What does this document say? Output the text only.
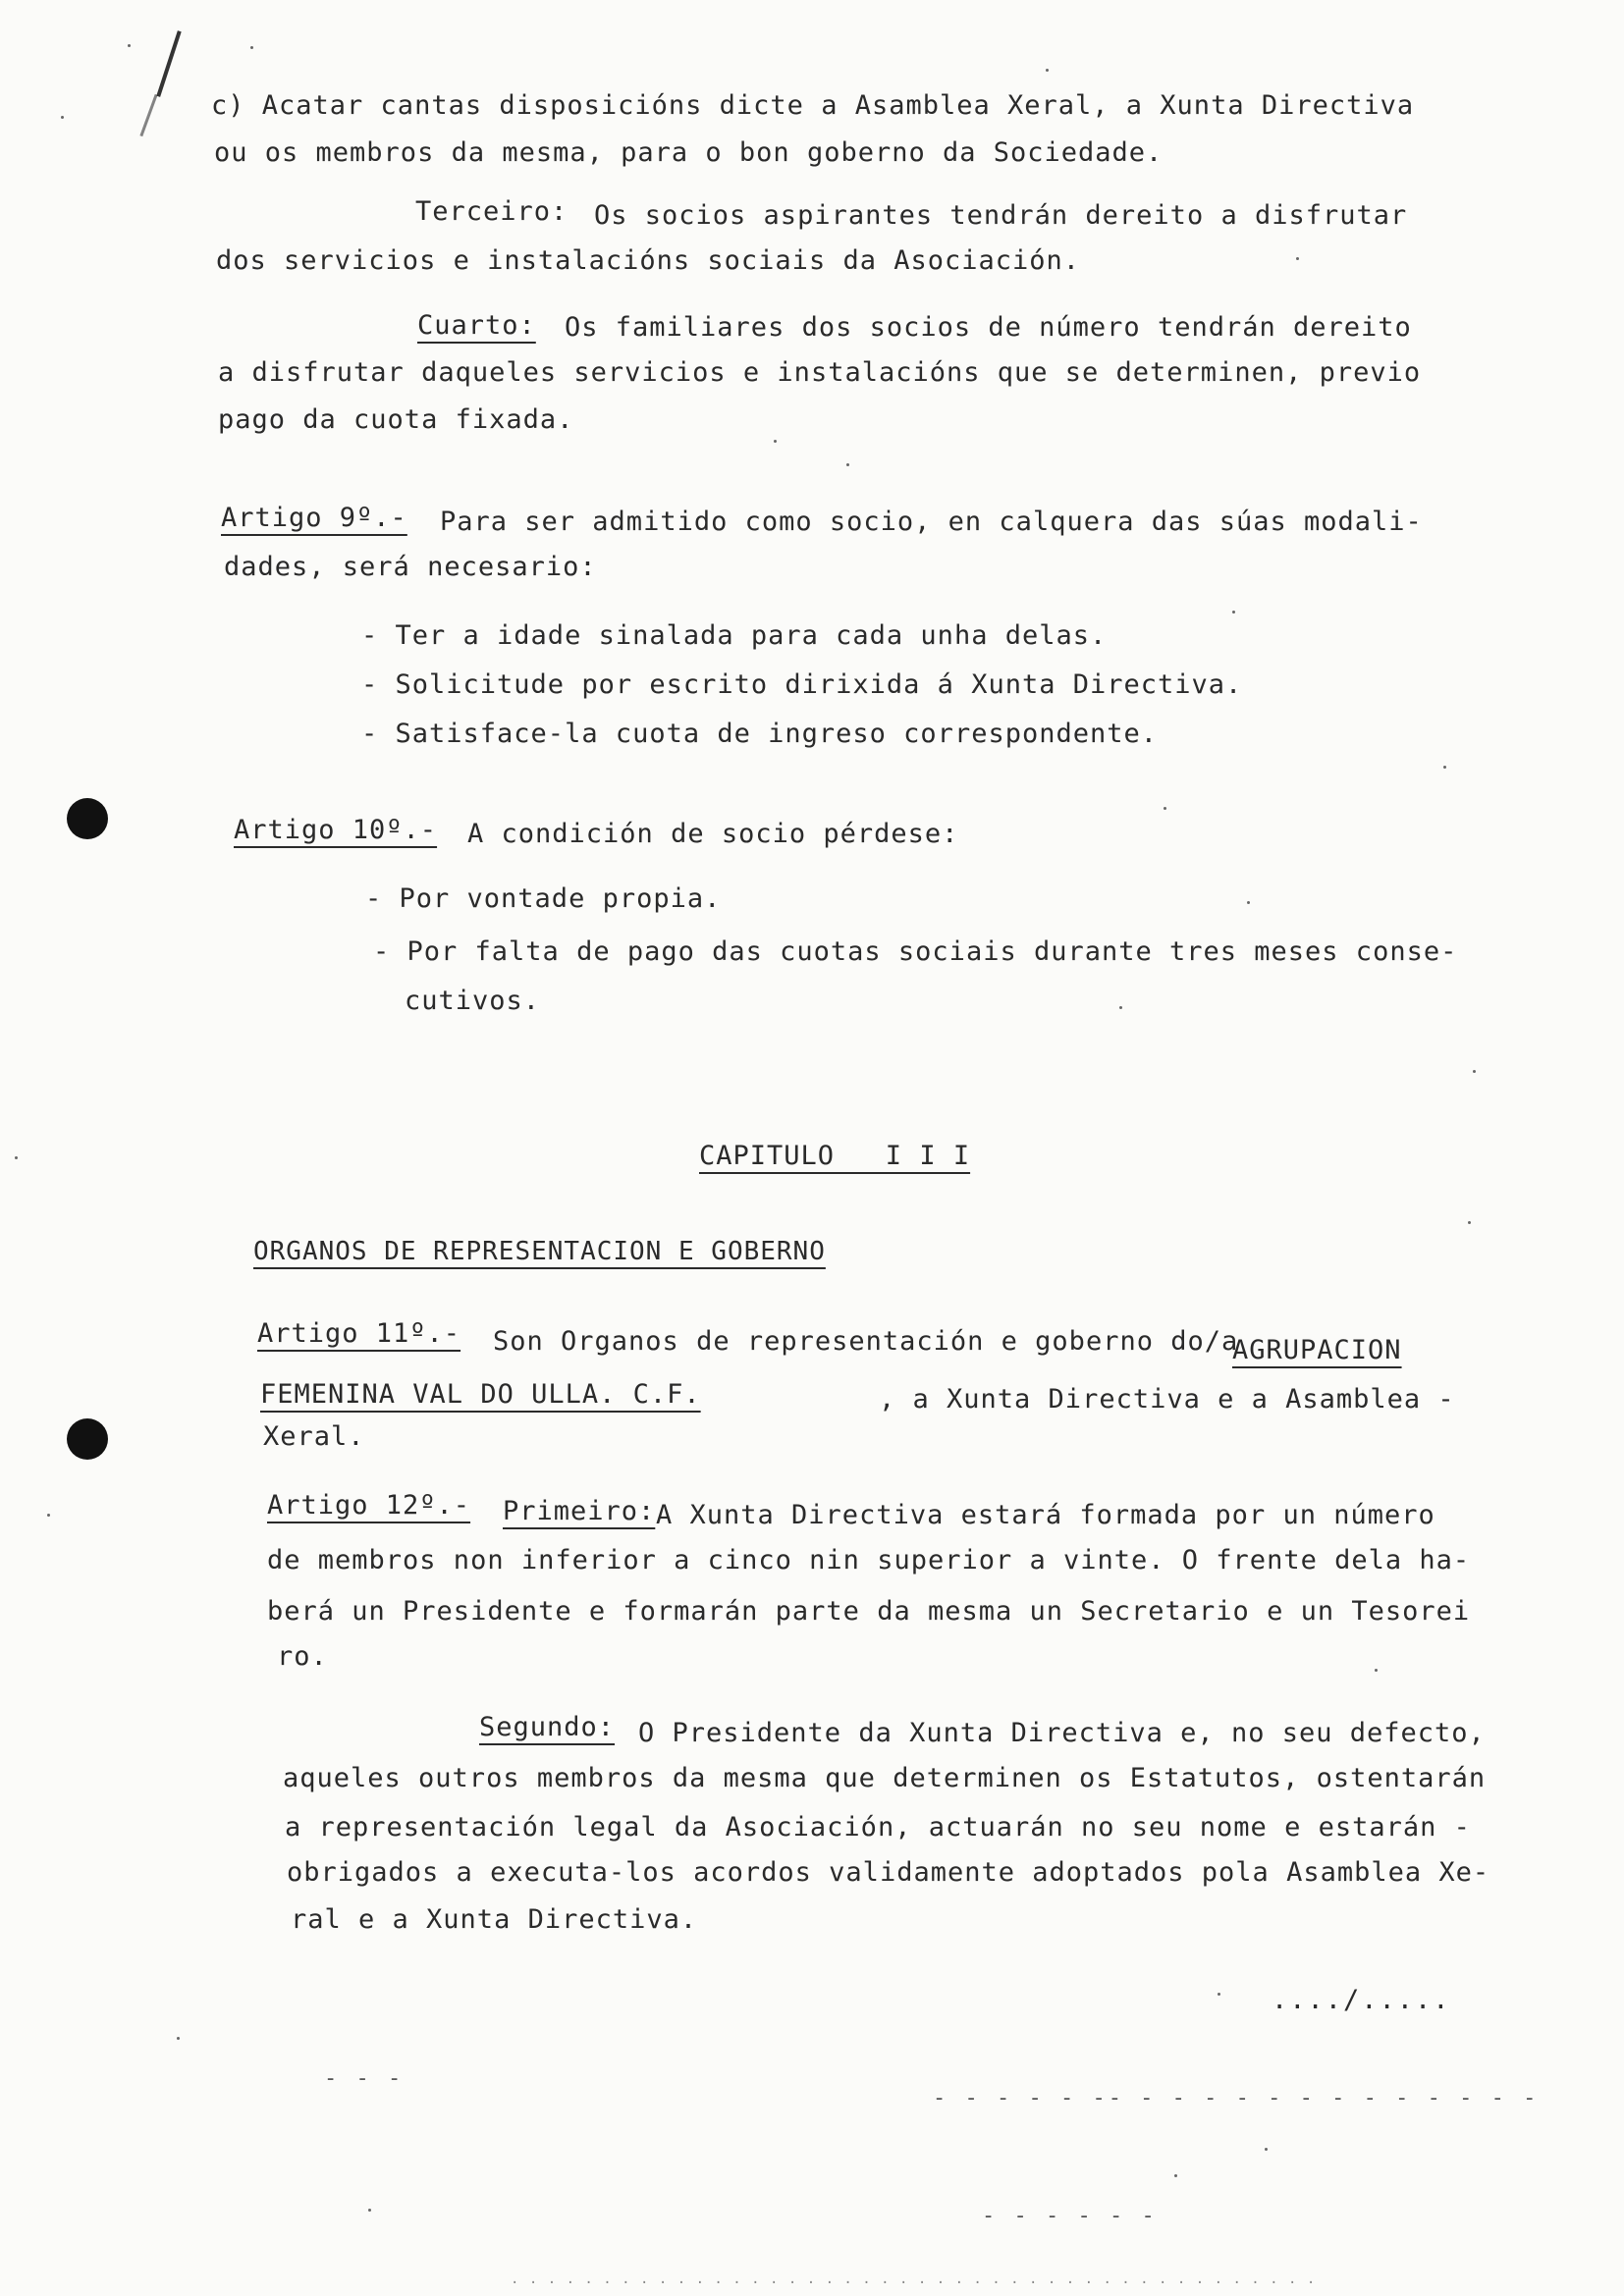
c) Acatar cantas disposicións dicte a Asamblea Xeral, a Xunta Directiva
ou os membros da mesma, para o bon goberno da Sociedade.
Terceiro: Os socios aspirantes tendrán dereito a disfrutar
dos servicios e instalacións sociais da Asociación.
Cuarto: Os familiares dos socios de número tendrán dereito
a disfrutar daqueles servicios e instalacións que se determinen, previo
pago da cuota fixada.
Artigo 9º.- Para ser admitido como socio, en calquera das súas modali-
dades, será necesario:
- Ter a idade sinalada para cada unha delas.
- Solicitude por escrito dirixida á Xunta Directiva.
- Satisface-la cuota de ingreso correspondente.
Artigo 10º.- A condición de socio pérdese:
- Por vontade propia.
- Por falta de pago das cuotas sociais durante tres meses conse-
cutivos.
CAPITULO   I I I
ORGANOS DE REPRESENTACION E GOBERNO
Artigo 11º.- Son Organos de representación e goberno do/a
AGRUPACION
FEMENINA VAL DO ULLA. C.F.	, a Xunta Directiva e a Asamblea -
Xeral.
Artigo 12º.- Primeiro: A Xunta Directiva estará formada por un número
de membros non inferior a cinco nin superior a vinte. O frente dela ha-
berá un Presidente e formarán parte da mesma un Secretario e un Tesorei
ro.
Segundo: O Presidente da Xunta Directiva e, no seu defecto,
aqueles outros membros da mesma que determinen os Estatutos, ostentarán
a representación legal da Asociación, actuarán no seu nome e estarán -
obrigados a executa-los acordos validamente adoptados pola Asamblea Xe-
ral e a Xunta Directiva.
..../.....
- - -
- - - - - -- - - - - - - - - - - - - -
- - - - - -
· · · · · · · · · · · · · · · · · · · · · · · · · · · · · · · · · · · · · · · · · · · ·
